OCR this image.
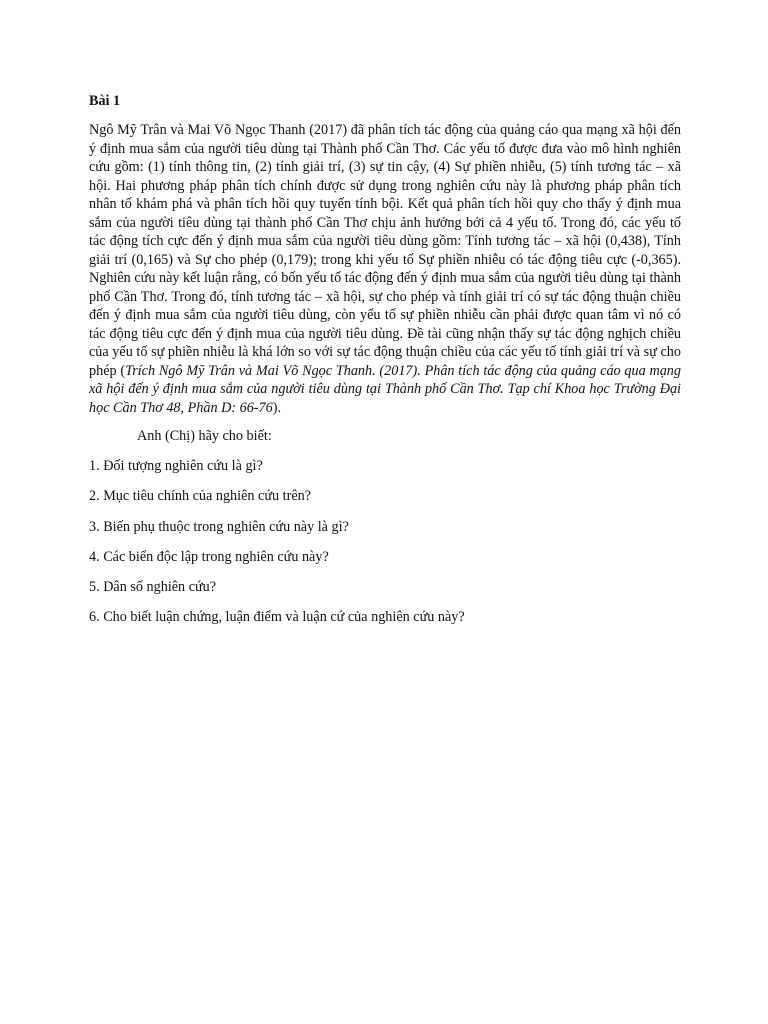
Bài 1

Ngô Mỹ Trân và Mai Võ Ngọc Thanh (2017) đã phân tích tác động của quảng cáo qua mạng xã hội đến ý định mua sắm của người tiêu dùng tại Thành phố Cần Thơ. Các yếu tố được đưa vào mô hình nghiên cứu gồm: (1) tính thông tin, (2) tính giải trí, (3) sự tin cậy, (4) Sự phiền nhiễu, (5) tính tương tác – xã hội. Hai phương pháp phân tích chính được sử dụng trong nghiên cứu này là phương pháp phân tích nhân tố khám phá và phân tích hồi quy tuyến tính bội. Kết quả phân tích hồi quy cho thấy ý định mua sắm của người tiêu dùng tại thành phố Cần Thơ chịu ảnh hưởng bởi cả 4 yếu tố. Trong đó, các yếu tố tác động tích cực đến ý định mua sắm của người tiêu dùng gồm: Tính tương tác – xã hội (0,438), Tính giải trí (0,165) và Sự cho phép (0,179); trong khi yếu tố Sự phiền nhiễu có tác động tiêu cực (-0,365). Nghiên cứu này kết luận rằng, có bốn yếu tố tác động đến ý định mua sắm của người tiêu dùng tại thành phố Cần Thơ. Trong đó, tính tương tác – xã hội, sự cho phép và tính giải trí có sự tác động thuận chiều đến ý định mua sắm của người tiêu dùng, còn yếu tố sự phiền nhiễu cần phải được quan tâm vì nó có tác động tiêu cực đến ý định mua của người tiêu dùng. Đề tài cũng nhận thấy sự tác động nghịch chiều của yếu tố sự phiền nhiễu là khá lớn so với sự tác động thuận chiều của các yếu tố tính giải trí và sự cho phép (Trích Ngô Mỹ Trân và Mai Võ Ngọc Thanh. (2017). Phân tích tác động của quảng cáo qua mạng xã hội đến ý định mua sắm của người tiêu dùng tại Thành phố Cần Thơ. Tạp chí Khoa học Trường Đại học Cần Thơ 48, Phần D: 66-76).

Anh (Chị) hãy cho biết:

1. Đối tượng nghiên cứu là gì?
2. Mục tiêu chính của nghiên cứu trên?
3. Biến phụ thuộc trong nghiên cứu này là gì?
4. Các biến độc lập trong nghiên cứu này?
5. Dân số nghiên cứu?
6. Cho biết luận chứng, luận điểm và luận cứ của nghiên cứu này?
